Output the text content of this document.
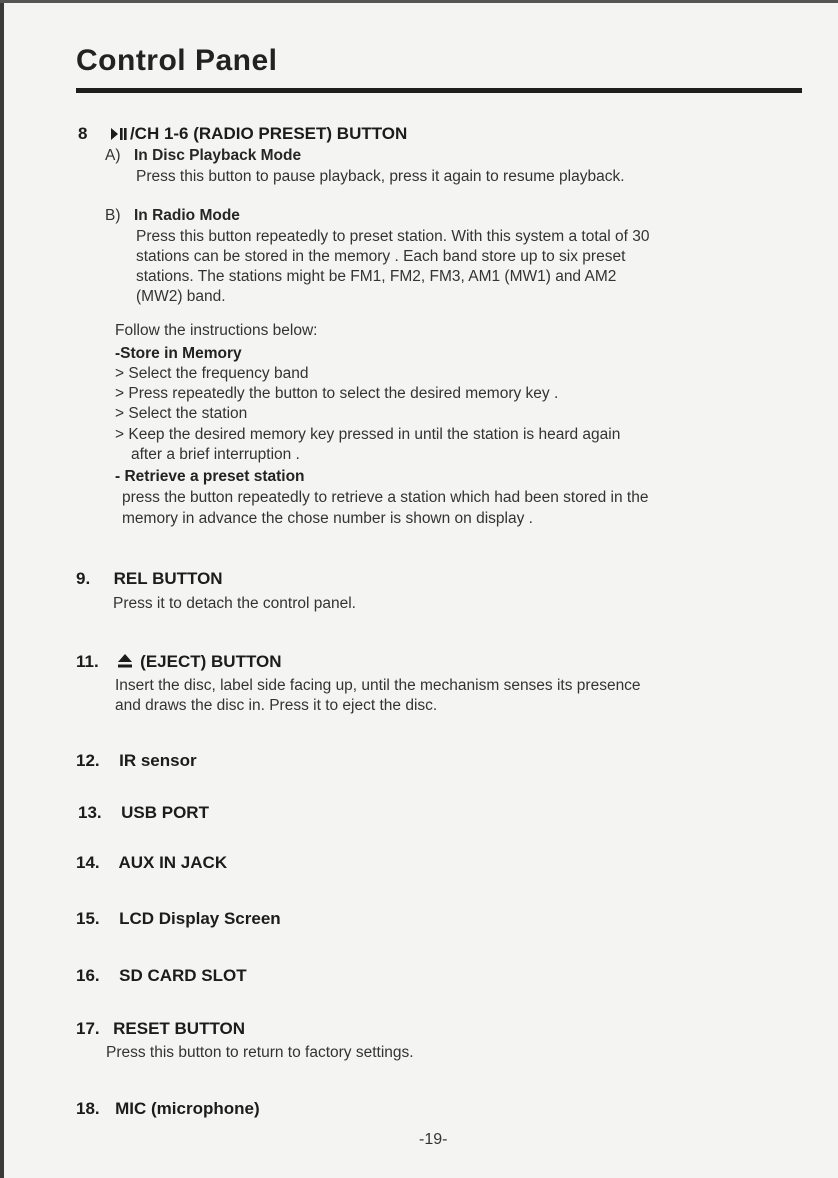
Control Panel
8 /CH 1-6 (RADIO PRESET) BUTTON
A) In Disc Playback Mode
Press this button to pause playback, press it again to resume playback.
B) In Radio Mode
Press this button repeatedly to preset station. With this system a total of 30
stations can be stored in the memory . Each band store up to six preset
stations. The stations might be FM1, FM2, FM3, AM1 (MW1) and AM2
(MW2) band.
Follow the instructions below:
-Store in Memory
> Select the frequency band
> Press repeatedly the button to select the desired memory key .
> Select the station
> Keep the desired memory key pressed in until the station is heard again
after a brief interruption .
- Retrieve a preset station
press the button repeatedly to retrieve a station which had been stored in the
memory in advance the chose number is shown on display .
9. REL BUTTON
Press it to detach the control panel.
11. (EJECT) BUTTON
Insert the disc, label side facing up, until the mechanism senses its presence
and draws the disc in. Press it to eject the disc.
12. IR sensor
13. USB PORT
14. AUX IN JACK
15. LCD Display Screen
16. SD CARD SLOT
17. RESET BUTTON
Press this button to return to factory settings.
18. MIC (microphone)
-19-
